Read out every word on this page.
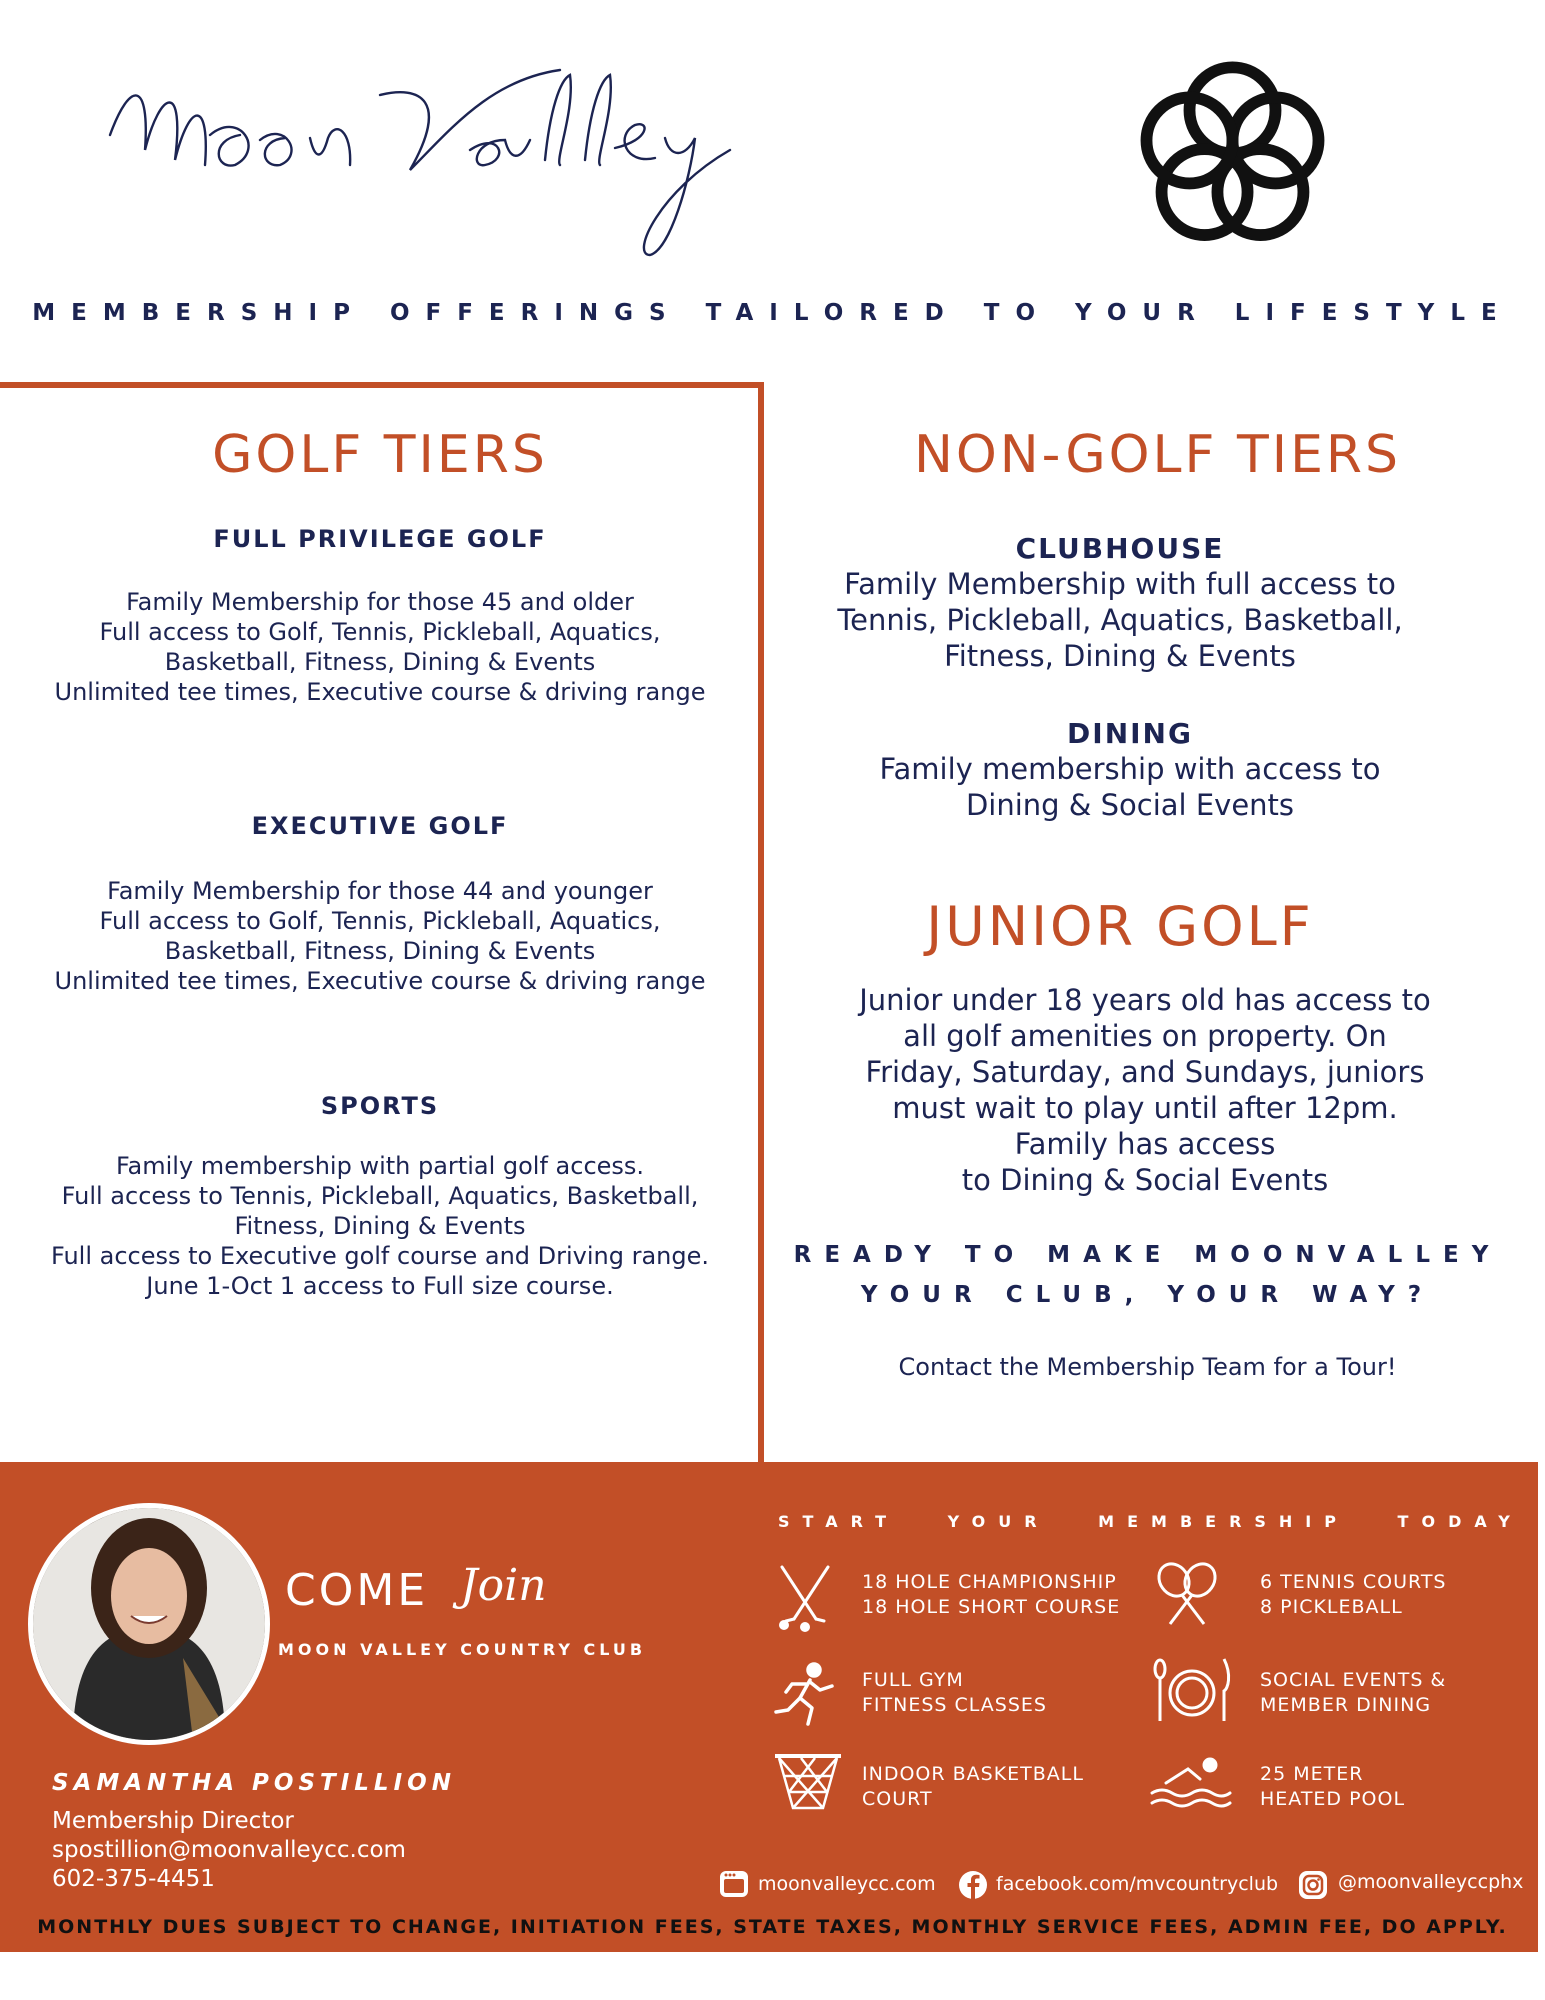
MEMBERSHIP OFFERINGS TAILORED TO YOUR LIFESTYLE
GOLF TIERS
FULL PRIVILEGE GOLF
Family Membership for those 45 and older
Full access to Golf, Tennis, Pickleball, Aquatics,
Basketball, Fitness, Dining & Events
Unlimited tee times, Executive course & driving range
EXECUTIVE GOLF
Family Membership for those 44 and younger
Full access to Golf, Tennis, Pickleball, Aquatics,
Basketball, Fitness, Dining & Events
Unlimited tee times, Executive course & driving range
SPORTS
Family membership with partial golf access.
Full access to Tennis, Pickleball, Aquatics, Basketball,
Fitness, Dining & Events
Full access to Executive golf course and Driving range.
June 1-Oct 1 access to Full size course.
NON-GOLF TIERS
CLUBHOUSE
Family Membership with full access to
Tennis, Pickleball, Aquatics, Basketball,
Fitness, Dining & Events
DINING
Family membership with access to
Dining & Social Events
JUNIOR GOLF
Junior under 18 years old has access to
all golf amenities on property. On
Friday, Saturday, and Sundays, juniors
must wait to play until after 12pm.
Family has access
to Dining & Social Events
READY TO MAKE MOONVALLEY
YOUR CLUB, YOUR WAY?
Contact the Membership Team for a Tour!
COME Join
MOON VALLEY COUNTRY CLUB
SAMANTHA POSTILLION
Membership Director
spostillion@moonvalleycc.com
602-375-4451
START YOUR MEMBERSHIP TODAY
18 HOLE CHAMPIONSHIP
18 HOLE SHORT COURSE
6 TENNIS COURTS
8 PICKLEBALL
FULL GYM
FITNESS CLASSES
SOCIAL EVENTS &
MEMBER DINING
INDOOR BASKETBALL
COURT
25 METER
HEATED POOL
moonvalleycc.com	facebook.com/mvcountryclub	@moonvalleyccphx
MONTHLY DUES SUBJECT TO CHANGE, INITIATION FEES, STATE TAXES, MONTHLY SERVICE FEES, ADMIN FEE, DO APPLY.
